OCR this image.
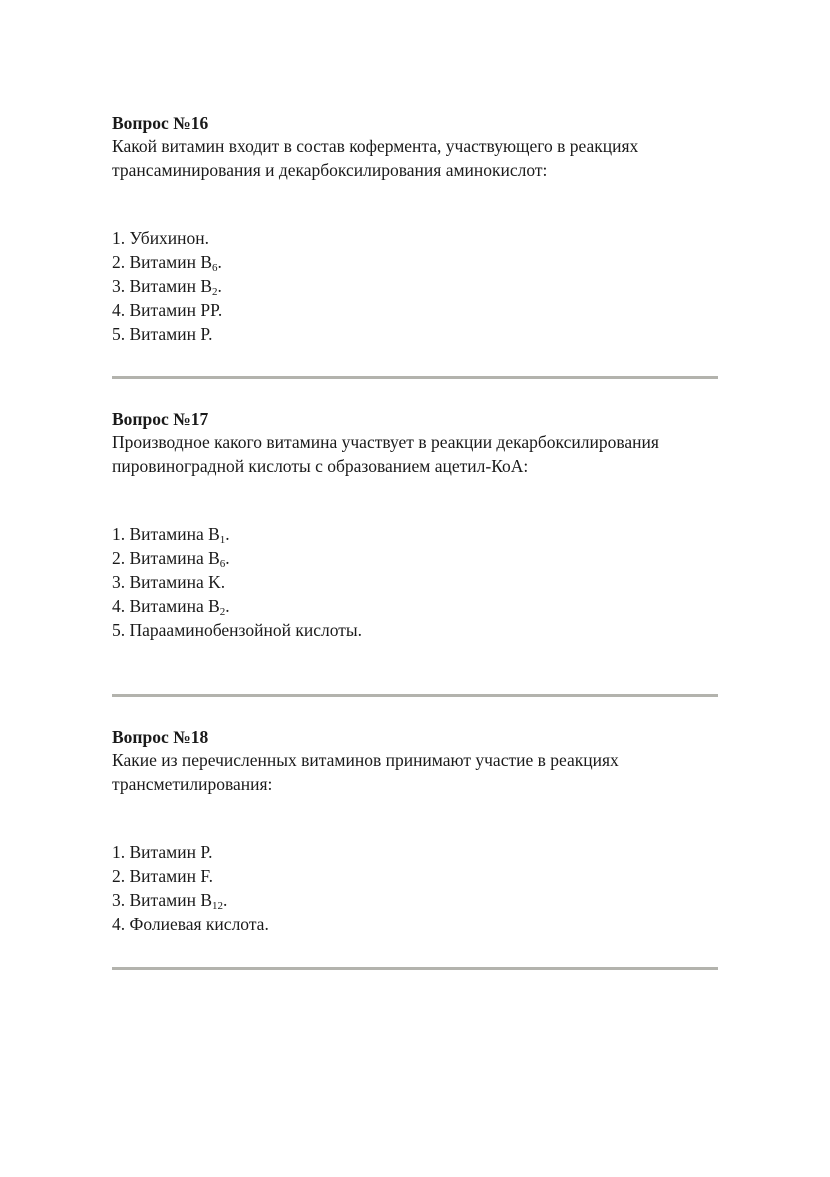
Вопрос №16

Какой витамин входит в состав кофермента, участвующего в реакциях трансаминирования и декарбоксилирования аминокислот:

1. Убихинон.
2. Витамин $B_6$.
3. Витамин $B_2$.
4. Витамин PP.
5. Витамин P.

Вопрос №17

Производное какого витамина участвует в реакции декарбоксилирования пировиноградной кислоты с образованием ацетил-КоА:

1. Витамина $B_1$.
2. Витамина $B_6$.
3. Витамина K.
4. Витамина $B_2$.
5. Парааминобензойной кислоты.

Вопрос №18

Какие из перечисленных витаминов принимают участие в реакциях трансметилирования:

1. Витамин P.
2. Витамин F.
3. Витамин $B_{12}$.
4. Фолиевая кислота.
